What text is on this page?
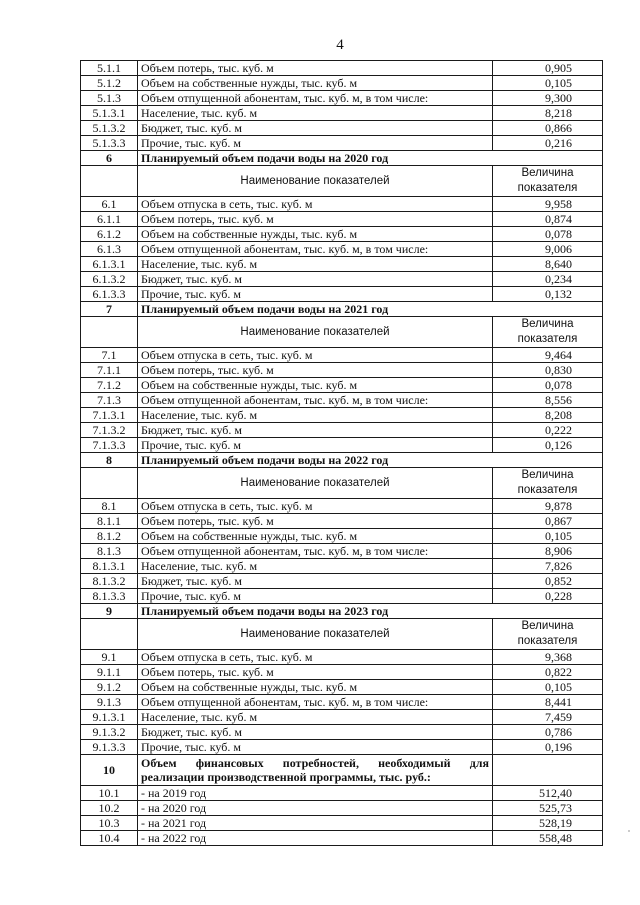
4
5.1.1	Объем потерь, тыс. куб. м	0,905
5.1.2	Объем на собственные нужды, тыс. куб. м	0,105
5.1.3	Объем отпущенной абонентам, тыс. куб. м, в том числе:	9,300
5.1.3.1	Население, тыс. куб. м	8,218
5.1.3.2	Бюджет, тыс. куб. м	0,866
5.1.3.3	Прочие, тыс. куб. м	0,216
6	Планируемый объем подачи воды на 2020 год	
	Наименование показателей	Величина показателя
6.1	Объем отпуска в сеть, тыс. куб. м	9,958
6.1.1	Объем потерь, тыс. куб. м	0,874
6.1.2	Объем на собственные нужды, тыс. куб. м	0,078
6.1.3	Объем отпущенной абонентам, тыс. куб. м, в том числе:	9,006
6.1.3.1	Население, тыс. куб. м	8,640
6.1.3.2	Бюджет, тыс. куб. м	0,234
6.1.3.3	Прочие, тыс. куб. м	0,132
7	Планируемый объем подачи воды на 2021 год	
	Наименование показателей	Величина показателя
7.1	Объем отпуска в сеть, тыс. куб. м	9,464
7.1.1	Объем потерь, тыс. куб. м	0,830
7.1.2	Объем на собственные нужды, тыс. куб. м	0,078
7.1.3	Объем отпущенной абонентам, тыс. куб. м, в том числе:	8,556
7.1.3.1	Население, тыс. куб. м	8,208
7.1.3.2	Бюджет, тыс. куб. м	0,222
7.1.3.3	Прочие, тыс. куб. м	0,126
8	Планируемый объем подачи воды на 2022 год	
	Наименование показателей	Величина показателя
8.1	Объем отпуска в сеть, тыс. куб. м	9,878
8.1.1	Объем потерь, тыс. куб. м	0,867
8.1.2	Объем на собственные нужды, тыс. куб. м	0,105
8.1.3	Объем отпущенной абонентам, тыс. куб. м, в том числе:	8,906
8.1.3.1	Население, тыс. куб. м	7,826
8.1.3.2	Бюджет, тыс. куб. м	0,852
8.1.3.3	Прочие, тыс. куб. м	0,228
9	Планируемый объем подачи воды на 2023 год	
	Наименование показателей	Величина показателя
9.1	Объем отпуска в сеть, тыс. куб. м	9,368
9.1.1	Объем потерь, тыс. куб. м	0,822
9.1.2	Объем на собственные нужды, тыс. куб. м	0,105
9.1.3	Объем отпущенной абонентам, тыс. куб. м, в том числе:	8,441
9.1.3.1	Население, тыс. куб. м	7,459
9.1.3.2	Бюджет, тыс. куб. м	0,786
9.1.3.3	Прочие, тыс. куб. м	0,196
10	Объем финансовых потребностей, необходимый для реализации производственной программы, тыс. руб.:	
10.1	- на 2019 год	512,40
10.2	- на 2020 год	525,73
10.3	- на 2021 год	528,19
10.4	- на 2022 год	558,48
